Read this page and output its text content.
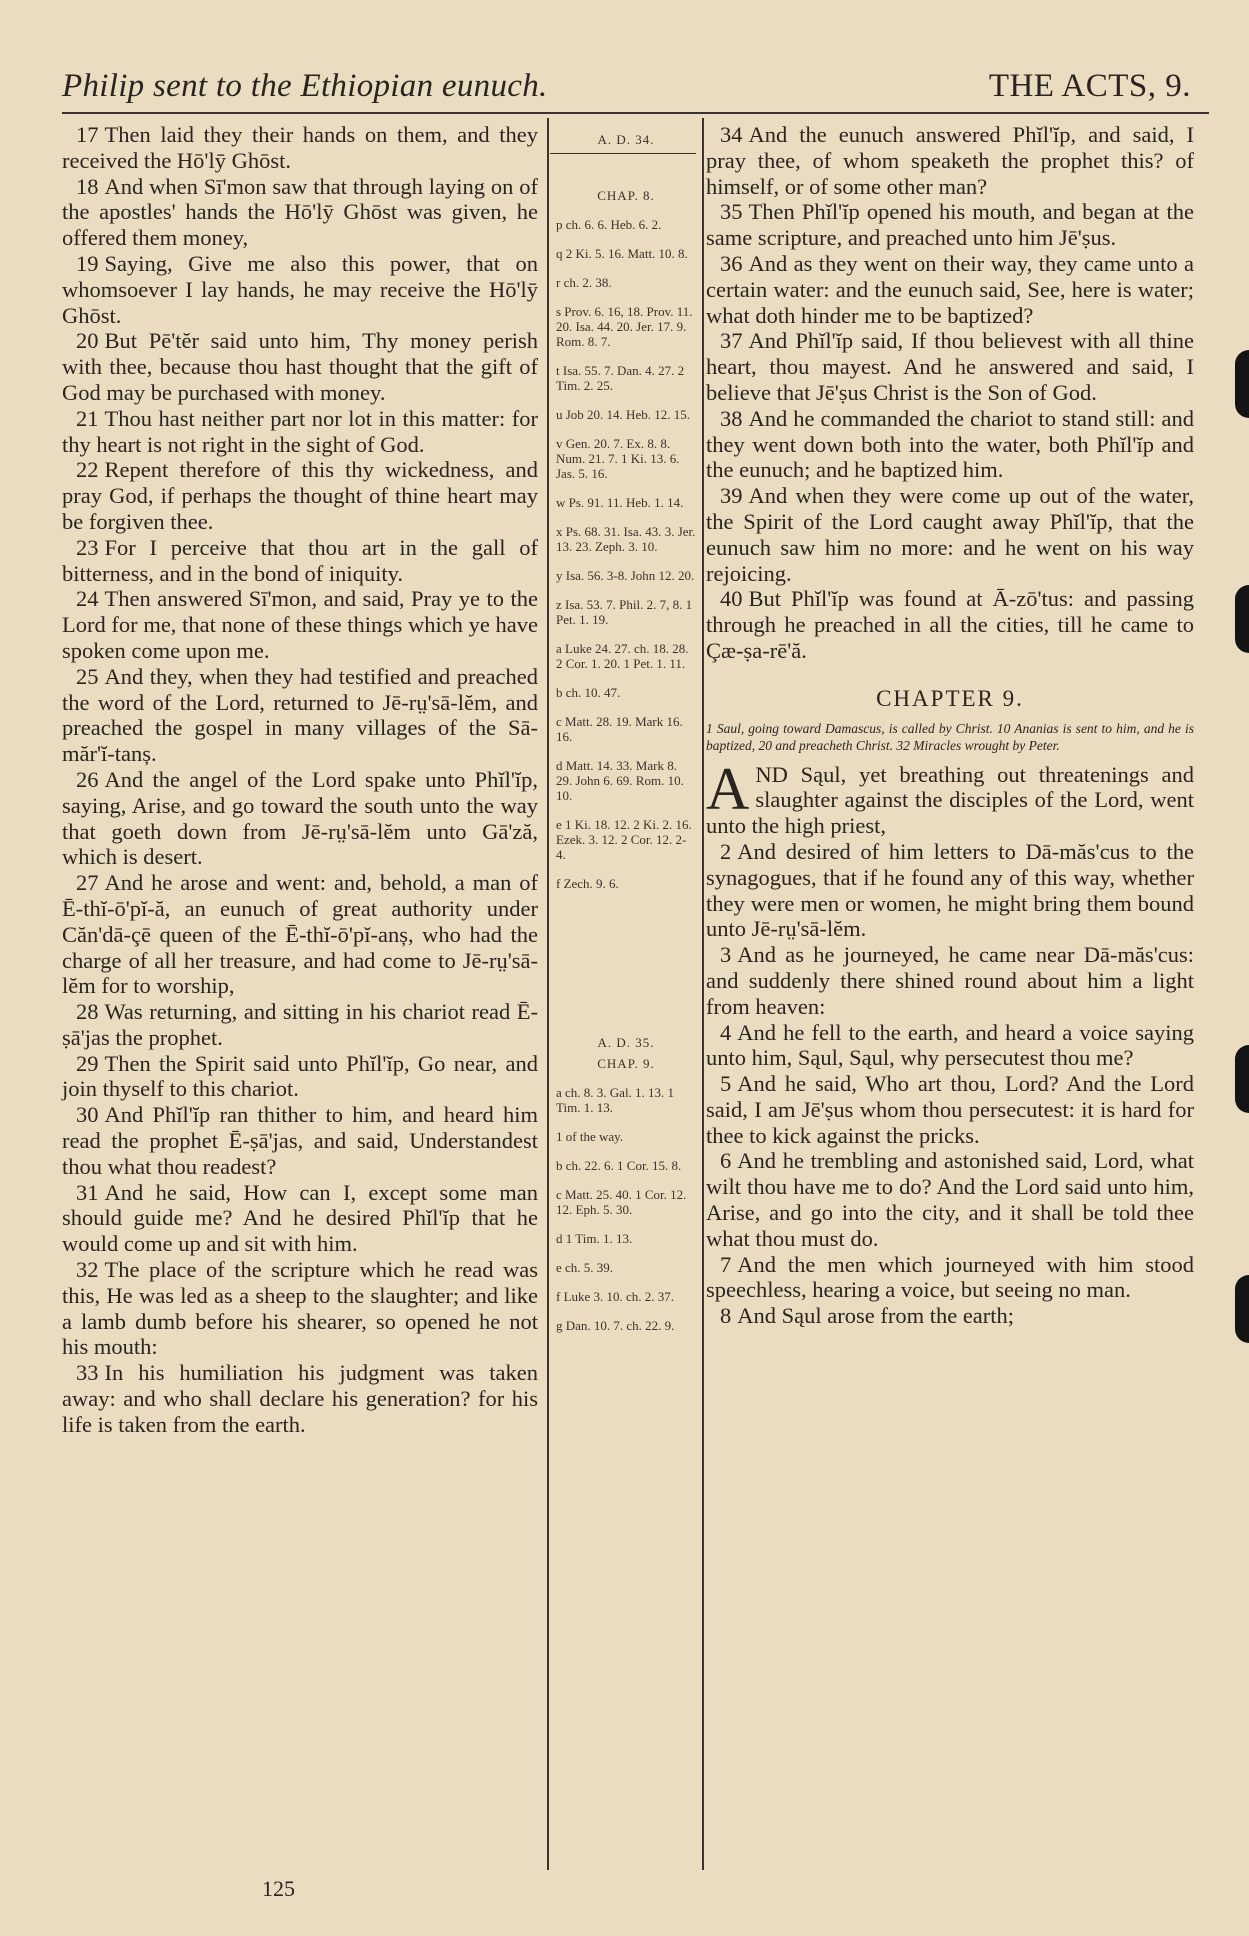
Philip sent to the Ethiopian eunuch.	THE ACTS, 9.

17 Then laid they their hands on them, and they received the Hō'lȳ Ghōst.

18 And when Sī'mon saw that through laying on of the apostles' hands the Hō'lȳ Ghōst was given, he offered them money,

19 Saying, Give me also this power, that on whomsoever I lay hands, he may receive the Hō'lȳ Ghōst.

20 But Pē'tĕr said unto him, Thy money perish with thee, because thou hast thought that the gift of God may be purchased with money.

21 Thou hast neither part nor lot in this matter: for thy heart is not right in the sight of God.

22 Repent therefore of this thy wickedness, and pray God, if perhaps the thought of thine heart may be forgiven thee.

23 For I perceive that thou art in the gall of bitterness, and in the bond of iniquity.

24 Then answered Sī'mon, and said, Pray ye to the Lord for me, that none of these things which ye have spoken come upon me.

25 And they, when they had testified and preached the word of the Lord, returned to Jē-rṳ'sā-lĕm, and preached the gospel in many villages of the Sā-măr'ĭ-tanș.

26 And the angel of the Lord spake unto Phĭl'ĭp, saying, Arise, and go toward the south unto the way that goeth down from Jē-rṳ'sā-lĕm unto Gā'ză, which is desert.

27 And he arose and went: and, behold, a man of Ē-thĭ-ō'pĭ-ă, an eunuch of great authority under Căn'dā-çē queen of the Ē-thĭ-ō'pĭ-anș, who had the charge of all her treasure, and had come to Jē-rṳ'sā-lĕm for to worship,

28 Was returning, and sitting in his chariot read Ē-ṣā'jas the prophet.

29 Then the Spirit said unto Phĭl'ĭp, Go near, and join thyself to this chariot.

30 And Phĭl'ĭp ran thither to him, and heard him read the prophet Ē-ṣā'jas, and said, Understandest thou what thou readest?

31 And he said, How can I, except some man should guide me? And he desired Phĭl'ĭp that he would come up and sit with him.

32 The place of the scripture which he read was this, He was led as a sheep to the slaughter; and like a lamb dumb before his shearer, so opened he not his mouth:

33 In his humiliation his judgment was taken away: and who shall declare his generation? for his life is taken from the earth.

A. D. 34.
CHAP. 8.
p ch. 6. 6. Heb. 6. 2.
q 2 Ki. 5. 16. Matt. 10. 8.
r ch. 2. 38.
s Prov. 6. 16, 18. Prov. 11. 20. Isa. 44. 20. Jer. 17. 9. Rom. 8. 7.
t Isa. 55. 7. Dan. 4. 27. 2 Tim. 2. 25.
u Job 20. 14. Heb. 12. 15.
v Gen. 20. 7. Ex. 8. 8. Num. 21. 7. 1 Ki. 13. 6. Jas. 5. 16.
w Ps. 91. 11. Heb. 1. 14.
x Ps. 68. 31. Isa. 43. 3. Jer. 13. 23. Zeph. 3. 10.
y Isa. 56. 3-8. John 12. 20.
z Isa. 53. 7. Phil. 2. 7, 8. 1 Pet. 1. 19.
a Luke 24. 27. ch. 18. 28. 2 Cor. 1. 20. 1 Pet. 1. 11.
b ch. 10. 47.
c Matt. 28. 19. Mark 16. 16.
d Matt. 14. 33. Mark 8. 29. John 6. 69. Rom. 10. 10.
e 1 Ki. 18. 12. 2 Ki. 2. 16. Ezek. 3. 12. 2 Cor. 12. 2-4.
f Zech. 9. 6.
A. D. 35.
CHAP. 9.
a ch. 8. 3. Gal. 1. 13. 1 Tim. 1. 13.
1 of the way.
b ch. 22. 6. 1 Cor. 15. 8.
c Matt. 25. 40. 1 Cor. 12. 12. Eph. 5. 30.
d 1 Tim. 1. 13.
e ch. 5. 39.
f Luke 3. 10. ch. 2. 37.
g Dan. 10. 7. ch. 22. 9.

34 And the eunuch answered Phĭl'ĭp, and said, I pray thee, of whom speaketh the prophet this? of himself, or of some other man?

35 Then Phĭl'ĭp opened his mouth, and began at the same scripture, and preached unto him Jē'ṣus.

36 And as they went on their way, they came unto a certain water: and the eunuch said, See, here is water; what doth hinder me to be baptized?

37 And Phĭl'ĭp said, If thou believest with all thine heart, thou mayest. And he answered and said, I believe that Jē'ṣus Christ is the Son of God.

38 And he commanded the chariot to stand still: and they went down both into the water, both Phĭl'ĭp and the eunuch; and he baptized him.

39 And when they were come up out of the water, the Spirit of the Lord caught away Phĭl'ĭp, that the eunuch saw him no more: and he went on his way rejoicing.

40 But Phĭl'ĭp was found at Ā-zō'tus: and passing through he preached in all the cities, till he came to Çæ-ṣa-rē'ă.

CHAPTER 9.

1 Saul, going toward Damascus, is called by Christ. 10 Ananias is sent to him, and he is baptized, 20 and preacheth Christ. 32 Miracles wrought by Peter.

AND Sąul, yet breathing out threatenings and slaughter against the disciples of the Lord, went unto the high priest,

2 And desired of him letters to Dā-măs'cus to the synagogues, that if he found any of this way, whether they were men or women, he might bring them bound unto Jē-rṳ'sā-lĕm.

3 And as he journeyed, he came near Dā-măs'cus: and suddenly there shined round about him a light from heaven:

4 And he fell to the earth, and heard a voice saying unto him, Sąul, Sąul, why persecutest thou me?

5 And he said, Who art thou, Lord? And the Lord said, I am Jē'ṣus whom thou persecutest: it is hard for thee to kick against the pricks.

6 And he trembling and astonished said, Lord, what wilt thou have me to do? And the Lord said unto him, Arise, and go into the city, and it shall be told thee what thou must do.

7 And the men which journeyed with him stood speechless, hearing a voice, but seeing no man.

8 And Sąul arose from the earth;

125
